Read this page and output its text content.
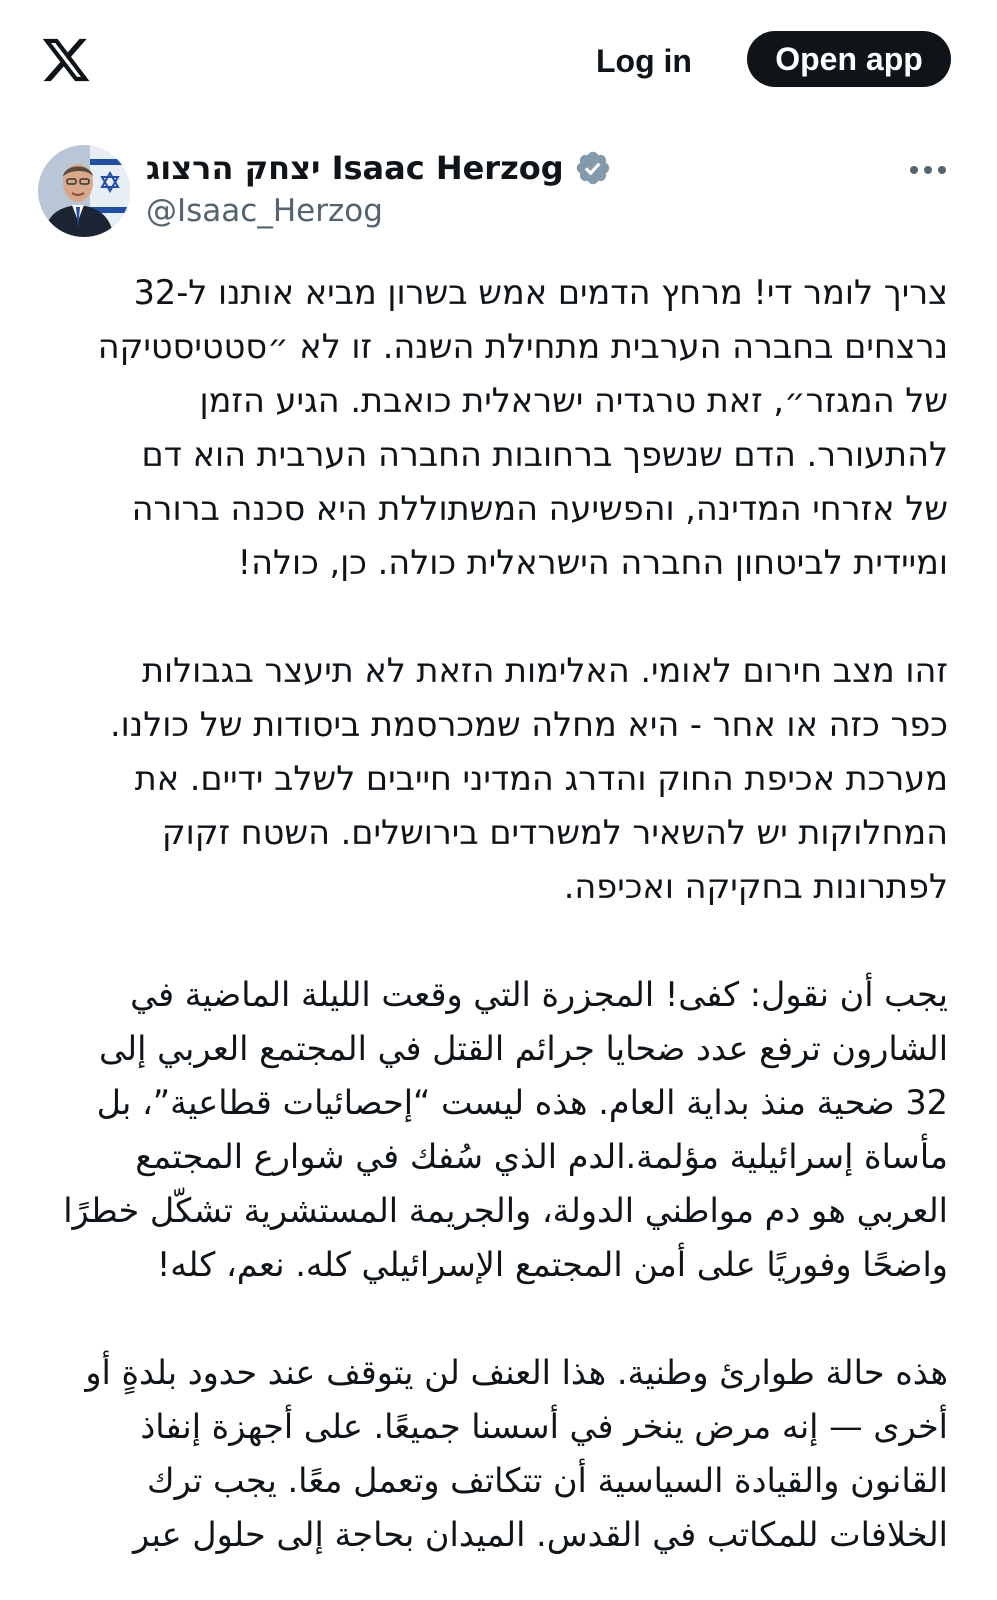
Log in	Open app
יצחק הרצוג Isaac Herzog
@Isaac_Herzog
צריך לומר די! מרחץ הדמים אמש בשרון מביא אותנו ל-32
נרצחים בחברה הערבית מתחילת השנה. זו לא ״סטטיסטיקה
של המגזר״, זאת טרגדיה ישראלית כואבת. הגיע הזמן
להתעורר. הדם שנשפך ברחובות החברה הערבית הוא דם
של אזרחי המדינה, והפשיעה המשתוללת היא סכנה ברורה
ומיידית לביטחון החברה הישראלית כולה. כן, כולה!
זהו מצב חירום לאומי. האלימות הזאת לא תיעצר בגבולות
כפר כזה או אחר - היא מחלה שמכרסמת ביסודות של כולנו.
מערכת אכיפת החוק והדרג המדיני חייבים לשלב ידיים. את
המחלוקות יש להשאיר למשרדים בירושלים. השטח זקוק
לפתרונות בחקיקה ואכיפה.
يجب أن نقول: كفى! المجزرة التي وقعت الليلة الماضية في
الشارون ترفع عدد ضحايا جرائم القتل في المجتمع العربي إلى
32 ضحية منذ بداية العام. هذه ليست “إحصائيات قطاعية”، بل
مأساة إسرائيلية مؤلمة.الدم الذي سُفك في شوارع المجتمع
العربي هو دم مواطني الدولة، والجريمة المستشرية تشكّل خطرًا
واضحًا وفوريًا على أمن المجتمع الإسرائيلي كله. نعم، كله!
هذه حالة طوارئ وطنية. هذا العنف لن يتوقف عند حدود بلدةٍ أو
أخرى — إنه مرض ينخر في أسسنا جميعًا. على أجهزة إنفاذ
القانون والقيادة السياسية أن تتكاتف وتعمل معًا. يجب ترك
الخلافات للمكاتب في القدس. الميدان بحاجة إلى حلول عبر
